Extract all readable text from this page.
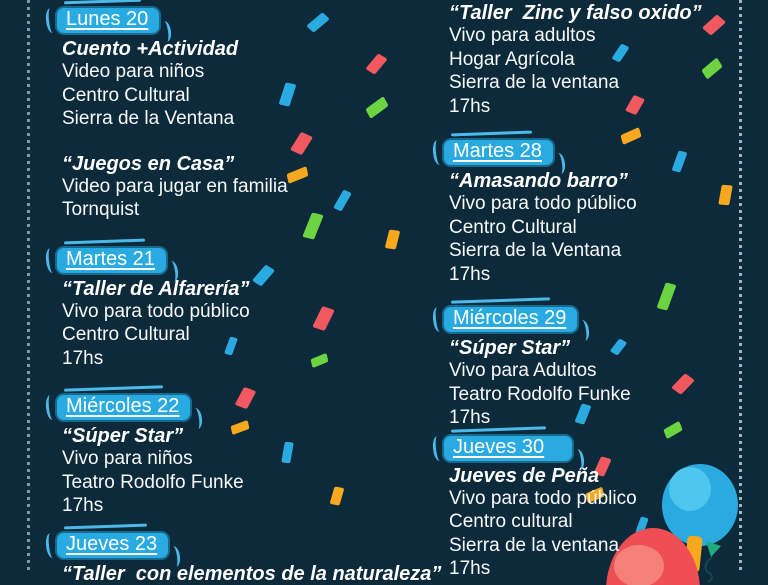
Lunes 20
Cuento +Actividad
Video para niños
Centro Cultural
Sierra de la Ventana
“Juegos en Casa”
Video para jugar en familia
Tornquist
Martes 21
“Taller de Alfarería”
Vivo para todo público
Centro Cultural
17hs
Miércoles 22
“Súper Star”
Vivo para niños
Teatro Rodolfo Funke
17hs
Jueves 23
“Taller  con elementos de la naturaleza”
“Taller  Zinc y falso oxido”
Vivo para adultos
Hogar Agrícola
Sierra de la ventana
17hs
Martes 28
“Amasando barro”
Vivo para todo público
Centro Cultural
Sierra de la Ventana
17hs
Miércoles 29
“Súper Star”
Vivo para Adultos
Teatro Rodolfo Funke
17hs
Jueves 30
Jueves de Peña
Vivo para todo público
Centro cultural
Sierra de la ventana
17hs
